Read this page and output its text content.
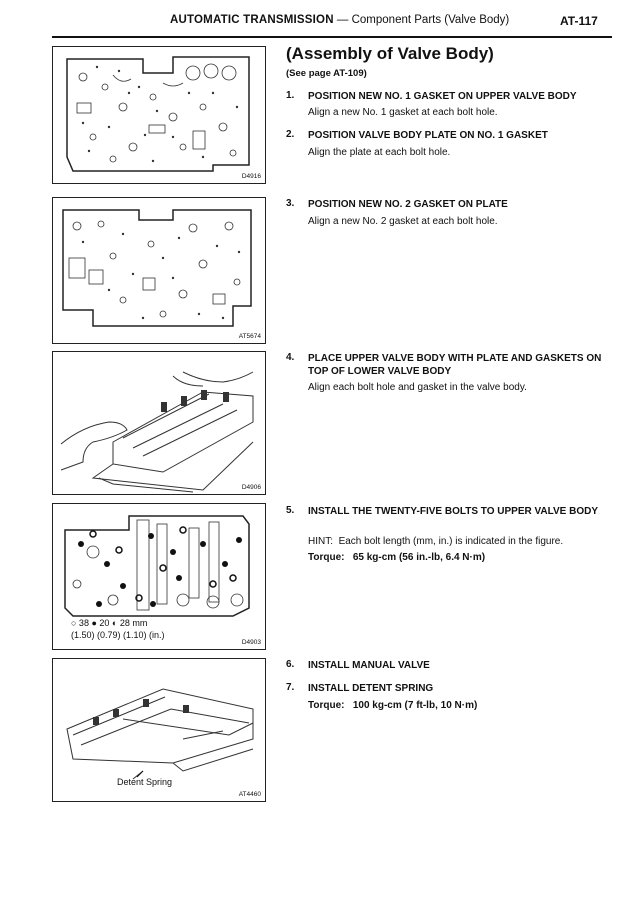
AUTOMATIC TRANSMISSION — Component Parts (Valve Body)	AT-117
D4916
AT5674
D4906
○ 38 ● 20 ◐ 28 mm
(1.50) (0.79) (1.10) (in.)
D4903
Detent Spring
AT4460
(Assembly of Valve Body)
(See page AT-109)
1. POSITION NEW NO. 1 GASKET ON UPPER VALVE BODY
Align a new No. 1 gasket at each bolt hole.
2. POSITION VALVE BODY PLATE ON NO. 1 GASKET
Align the plate at each bolt hole.
3. POSITION NEW NO. 2 GASKET ON PLATE
Align a new No. 2 gasket at each bolt hole.
4. PLACE UPPER VALVE BODY WITH PLATE AND GASKETS ON TOP OF LOWER VALVE BODY
Align each bolt hole and gasket in the valve body.
5. INSTALL THE TWENTY-FIVE BOLTS TO UPPER VALVE BODY
HINT: Each bolt length (mm, in.) is indicated in the figure.
Torque: 65 kg-cm (56 in.-lb, 6.4 N·m)
6. INSTALL MANUAL VALVE
7. INSTALL DETENT SPRING
Torque: 100 kg-cm (7 ft-lb, 10 N·m)
